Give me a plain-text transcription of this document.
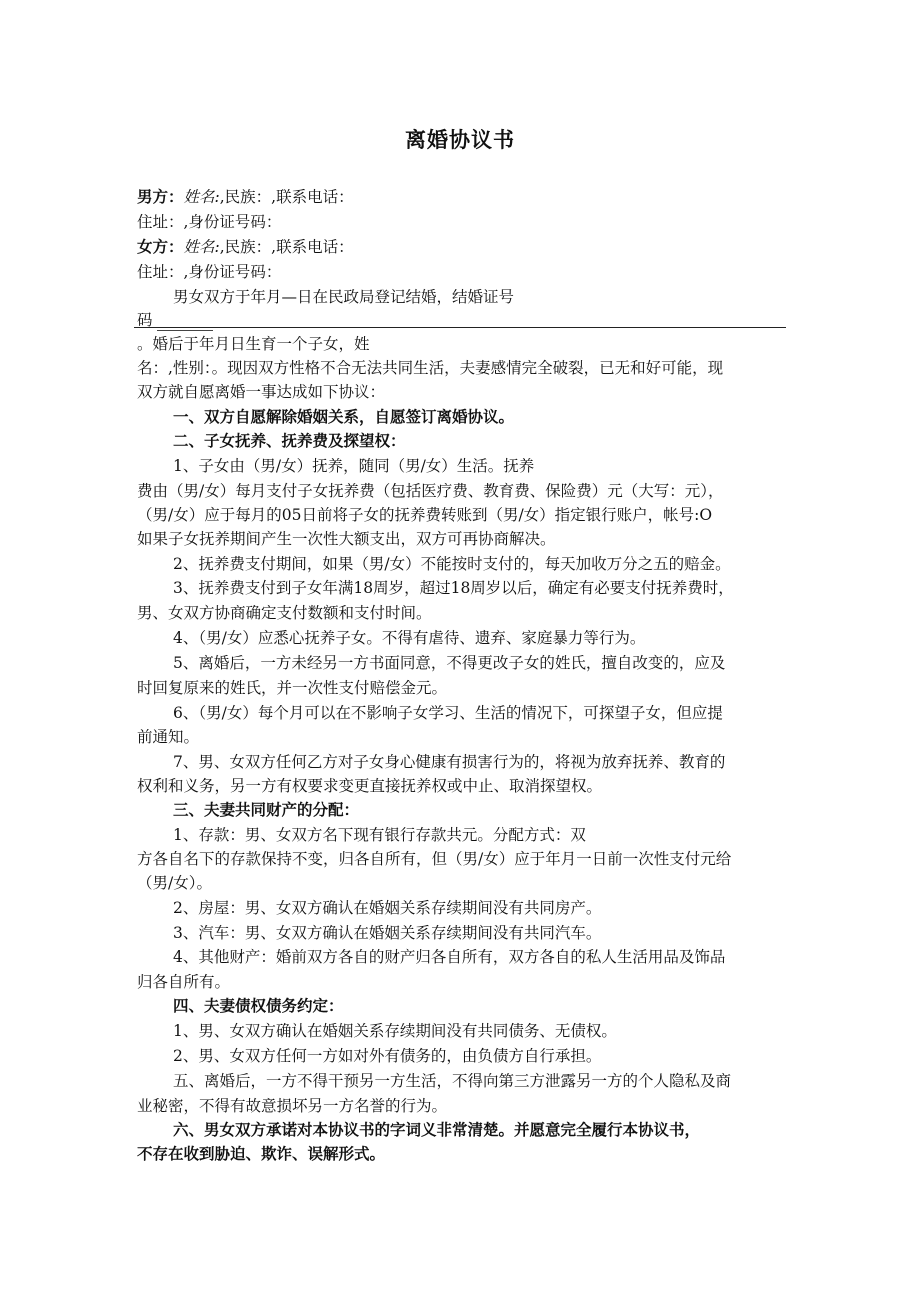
离婚协议书
男方：姓名:,民族：,联系电话：
住址：,身份证号码：
女方：姓名:,民族：,联系电话：
住址：,身份证号码：
男女双方于年月—日在民政局登记结婚，结婚证号
码
。婚后于年月日生育一个子女，姓
名：,性别：。现因双方性格不合无法共同生活，夫妻感情完全破裂，已无和好可能，现
双方就自愿离婚一事达成如下协议：
一、双方自愿解除婚姻关系，自愿签订离婚协议。
二、子女抚养、抚养费及探望权：
1、子女由（男/女）抚养，随同（男/女）生活。抚养
费由（男/女）每月支付子女抚养费（包括医疗费、教育费、保险费）元（大写：元），
（男/女）应于每月的05日前将子女的抚养费转账到（男/女）指定银行账户，帐号:O
如果子女抚养期间产生一次性大额支出，双方可再协商解决。
2、抚养费支付期间，如果（男/女）不能按时支付的，每天加收万分之五的赔金。
3、抚养费支付到子女年满18周岁，超过18周岁以后，确定有必要支付抚养费时，
男、女双方协商确定支付数额和支付时间。
4、（男/女）应悉心抚养子女。不得有虐待、遗弃、家庭暴力等行为。
5、离婚后，一方未经另一方书面同意，不得更改子女的姓氏，擅自改变的，应及
时回复原来的姓氏，并一次性支付赔偿金元。
6、（男/女）每个月可以在不影响子女学习、生活的情况下，可探望子女，但应提
前通知。
7、男、女双方任何乙方对子女身心健康有损害行为的，将视为放弃抚养、教育的
权利和义务，另一方有权要求变更直接抚养权或中止、取消探望权。
三、夫妻共同财产的分配：
1、存款：男、女双方名下现有银行存款共元。分配方式：双
方各自名下的存款保持不变，归各自所有，但（男/女）应于年月一日前一次性支付元给
（男/女）。
2、房屋：男、女双方确认在婚姻关系存续期间没有共同房产。
3、汽车：男、女双方确认在婚姻关系存续期间没有共同汽车。
4、其他财产：婚前双方各自的财产归各自所有，双方各自的私人生活用品及饰品
归各自所有。
四、夫妻债权债务约定：
1、男、女双方确认在婚姻关系存续期间没有共同债务、无债权。
2、男、女双方任何一方如对外有债务的，由负债方自行承担。
五、离婚后，一方不得干预另一方生活，不得向第三方泄露另一方的个人隐私及商
业秘密，不得有故意损坏另一方名誉的行为。
六、男女双方承诺对本协议书的字词义非常清楚。并愿意完全履行本协议书，
不存在收到胁迫、欺诈、误解形式。
